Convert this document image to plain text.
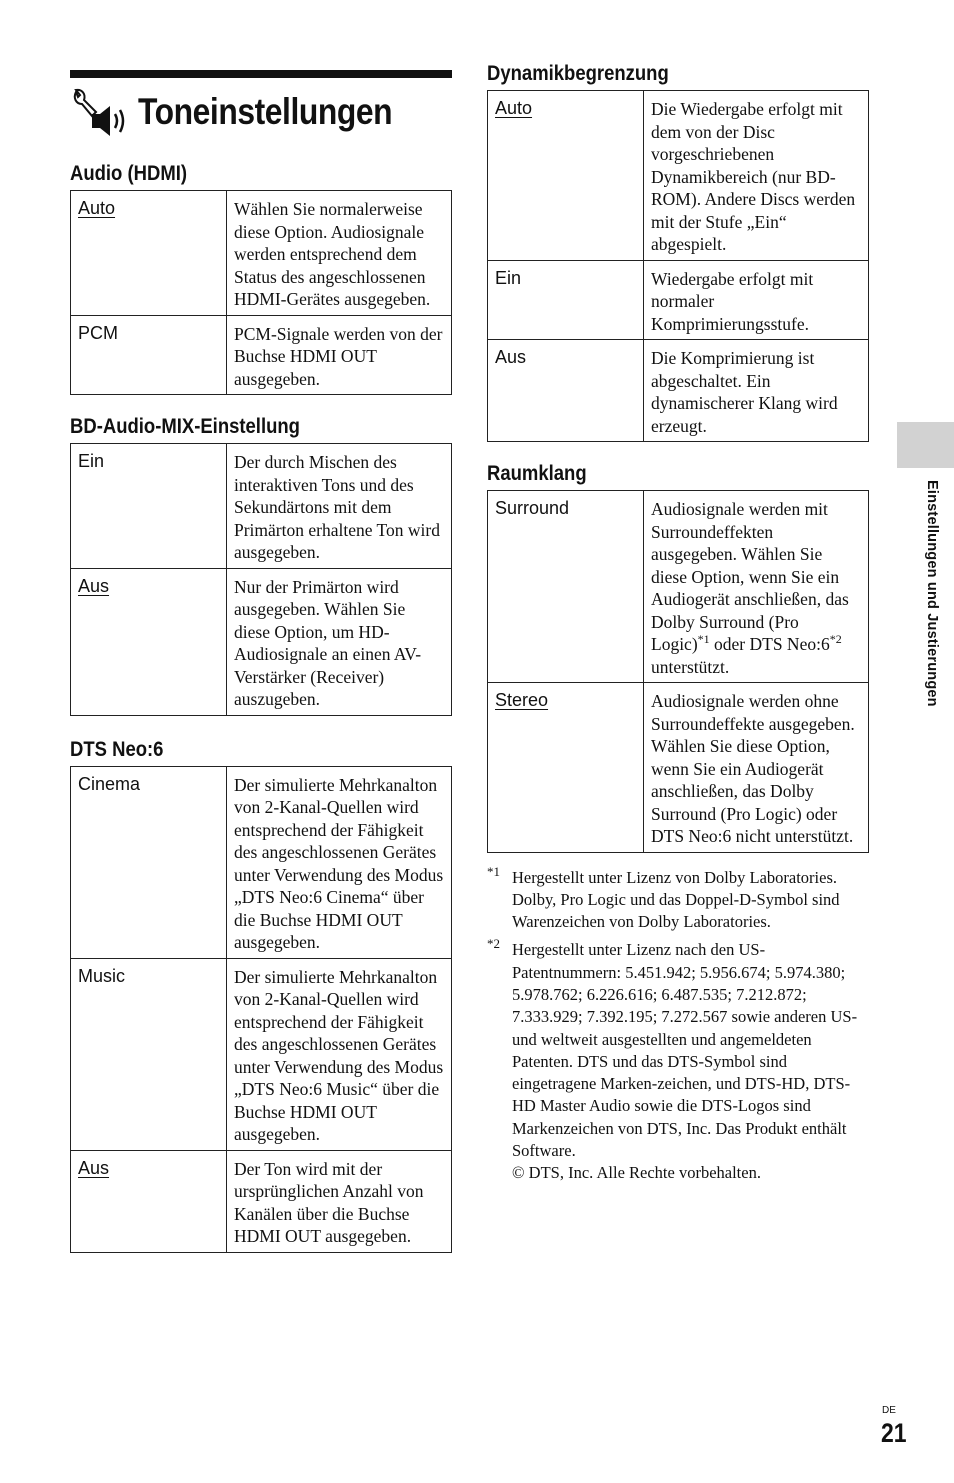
Toneinstellungen
Audio (HDMI)
Auto	Wählen Sie normalerweise diese Option. Audiosignale werden entsprechend dem Status des angeschlossenen HDMI-Gerätes ausgegeben.
PCM	PCM-Signale werden von der Buchse HDMI OUT ausgegeben.
BD-Audio-MIX-Einstellung
Ein	Der durch Mischen des interaktiven Tons und des Sekundärtons mit dem Primärton erhaltene Ton wird ausgegeben.
Aus	Nur der Primärton wird ausgegeben. Wählen Sie diese Option, um HD-Audiosignale an einen AV-Verstärker (Receiver) auszugeben.
DTS Neo:6
Cinema	Der simulierte Mehrkanalton von 2-Kanal-Quellen wird entsprechend der Fähigkeit des angeschlossenen Gerätes unter Verwendung des Modus „DTS Neo:6 Cinema“ über die Buchse HDMI OUT ausgegeben.
Music	Der simulierte Mehrkanalton von 2-Kanal-Quellen wird entsprechend der Fähigkeit des angeschlossenen Gerätes unter Verwendung des Modus „DTS Neo:6 Music“ über die Buchse HDMI OUT ausgegeben.
Aus	Der Ton wird mit der ursprünglichen Anzahl von Kanälen über die Buchse HDMI OUT ausgegeben.
Dynamikbegrenzung
Auto	Die Wiedergabe erfolgt mit dem von der Disc vorgeschriebenen Dynamikbereich (nur BD-ROM). Andere Discs werden mit der Stufe „Ein“ abgespielt.
Ein	Wiedergabe erfolgt mit normaler Komprimierungsstufe.
Aus	Die Komprimierung ist abgeschaltet. Ein dynamischerer Klang wird erzeugt.
Raumklang
Surround	Audiosignale werden mit Surroundeffekten ausgegeben. Wählen Sie diese Option, wenn Sie ein Audiogerät anschließen, das Dolby Surround (Pro Logic)$^{*1}$ oder DTS Neo:6$^{*2}$ unterstützt.
Stereo	Audiosignale werden ohne Surroundeffekte ausgegeben. Wählen Sie diese Option, wenn Sie ein Audiogerät anschließen, das Dolby Surround (Pro Logic) oder DTS Neo:6 nicht unterstützt.
*1 Hergestellt unter Lizenz von Dolby Laboratories.

Dolby, Pro Logic und das Doppel-D-Symbol sind Warenzeichen von Dolby Laboratories.

*2 Hergestellt unter Lizenz nach den US-Patentnummern: 5.451.942; 5.956.674; 5.974.380; 5.978.762; 6.226.616; 6.487.535; 7.212.872; 7.333.929; 7.392.195; 7.272.567 sowie anderen US- und weltweit ausgestellten und angemeldeten Patenten. DTS und das DTS-Symbol sind eingetragene Marken-zeichen, und DTS-HD, DTS-HD Master Audio sowie die DTS-Logos sind Markenzeichen von DTS, Inc. Das Produkt enthält Software.

© DTS, Inc. Alle Rechte vorbehalten.

Einstellungen und Justierungen
DE
21
